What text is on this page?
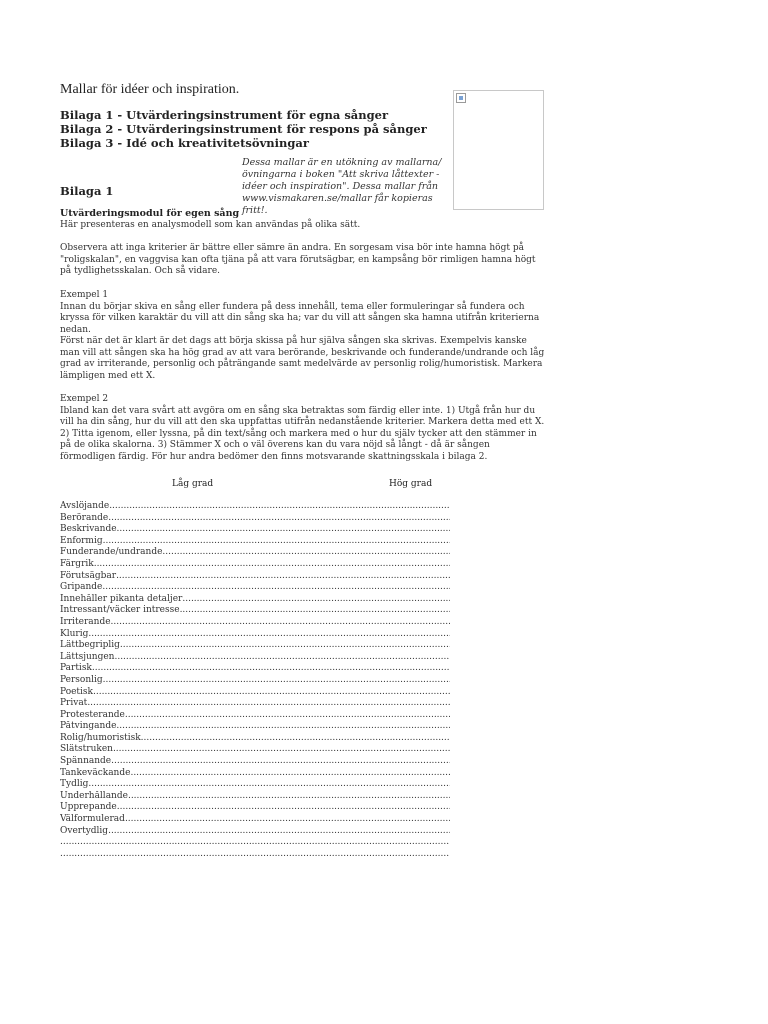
Mallar för idéer och inspiration.
Bilaga 1 - Utvärderingsinstrument för egna sånger
Bilaga 2 - Utvärderingsinstrument för respons på sånger
Bilaga 3 - Idé och kreativitetsövningar
Dessa mallar är en utökning av mallarna/ övningarna i boken "Att skriva låttexter - idéer och inspiration". Dessa mallar från www.vismakaren.se/mallar får kopieras fritt!.
Bilaga 1
Utvärderingsmodul för egen sång
Här presenteras en analysmodell som kan användas på olika sätt.
Observera att inga kriterier är bättre eller sämre än andra. En sorgesam visa bör inte hamna högt på "roligskalan", en vaggvisa kan ofta tjäna på att vara förutsägbar, en kampsång bör rimligen hamna högt på tydlighetsskalan. Och så vidare.
Exempel 1
Innan du börjar skiva en sång eller fundera på dess innehåll, tema eller formuleringar så fundera och kryssa för vilken karaktär du vill att din sång ska ha; var du vill att sången ska hamna utifrån kriterierna nedan.
Först när det är klart är det dags att börja skissa på hur själva sången ska skrivas. Exempelvis kanske man vill att sången ska ha hög grad av att vara berörande, beskrivande och funderande/undrande och låg grad av irriterande, personlig och påträngande samt medelvärde av personlig rolig/humoristisk. Markera lämpligen med ett X.
Exempel 2
Ibland kan det vara svårt att avgöra om en sång ska betraktas som färdig eller inte. 1) Utgå från hur du vill ha din sång, hur du vill att den ska uppfattas utifrån nedanstående kriterier. Markera detta med ett X. 2) Titta igenom, eller lyssna, på din text/sång och markera med o hur du själv tycker att den stämmer in på de olika skalorna. 3) Stämmer X och o väl överens kan du vara nöjd så långt - då är sången förmodligen färdig. För hur andra bedömer den finns motsvarande skattningsskala i bilaga 2.
Låg grad	Hög grad
Avslöjande
.....
Berörande
.....
Beskrivande
.....
Enformig
.....
Funderande/undrande
.....
Färgrik
.....
Förutsägbar
.....
Gripande
.....
Innehåller pikanta detaljer
.....
Intressant/väcker intresse
.....
Irriterande
.....
Klurig
.....
Lättbegriplig
.....
Lättsjungen
.....
Partisk
.....
Personlig
.....
Poetisk
.....
Privat
.....
Protesterande
.....
Påtvingande
.....
Rolig/humoristisk
.....
Slätstruken
.....
Spännande
.....
Tankeväckande
.....
Tydlig
.....
Underhållande
.....
Upprepande
.....
Välformulerad
.....
Övertydlig
.....
.....
.....
